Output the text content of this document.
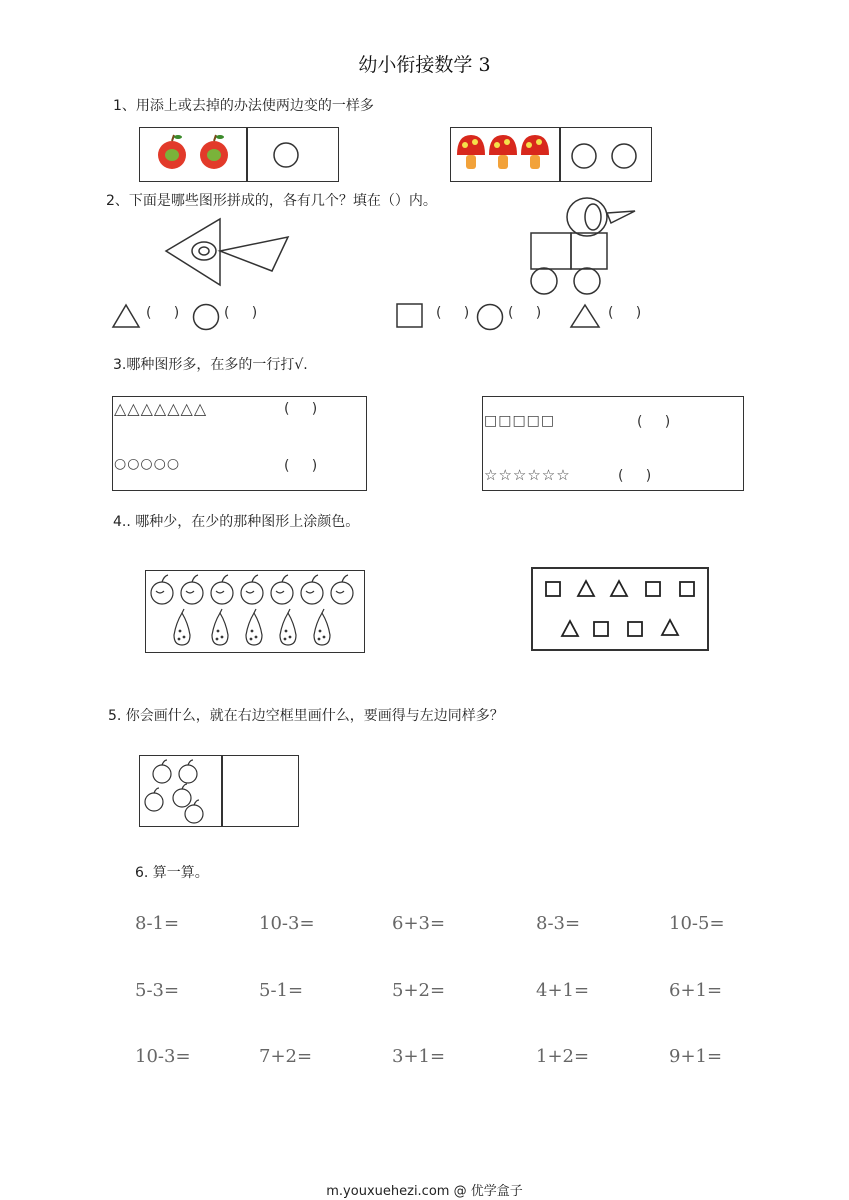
幼小衔接数学 3
1、用添上或去掉的办法使两边变的一样多
2、下面是哪些图形拼成的，各有几个？填在（）内。
(     )	(     )	(     )	(     )	(     )
3.哪种图形多，在多的一行打√.
△△△△△△△	(     )
○○○○○	(     )
□□□□□	(     )
☆☆☆☆☆☆	(     )
4.. 哪种少，在少的那种图形上涂颜色。
5. 你会画什么，就在右边空框里画什么，要画得与左边同样多？
6. 算一算。
8-1=	10-3=	6+3=	8-3=	10-5=
5-3=	5-1=	5+2=	4+1=	6+1=
10-3=	7+2=	3+1=	1+2=	9+1=
m.youxuehezi.com @ 优学盒子
